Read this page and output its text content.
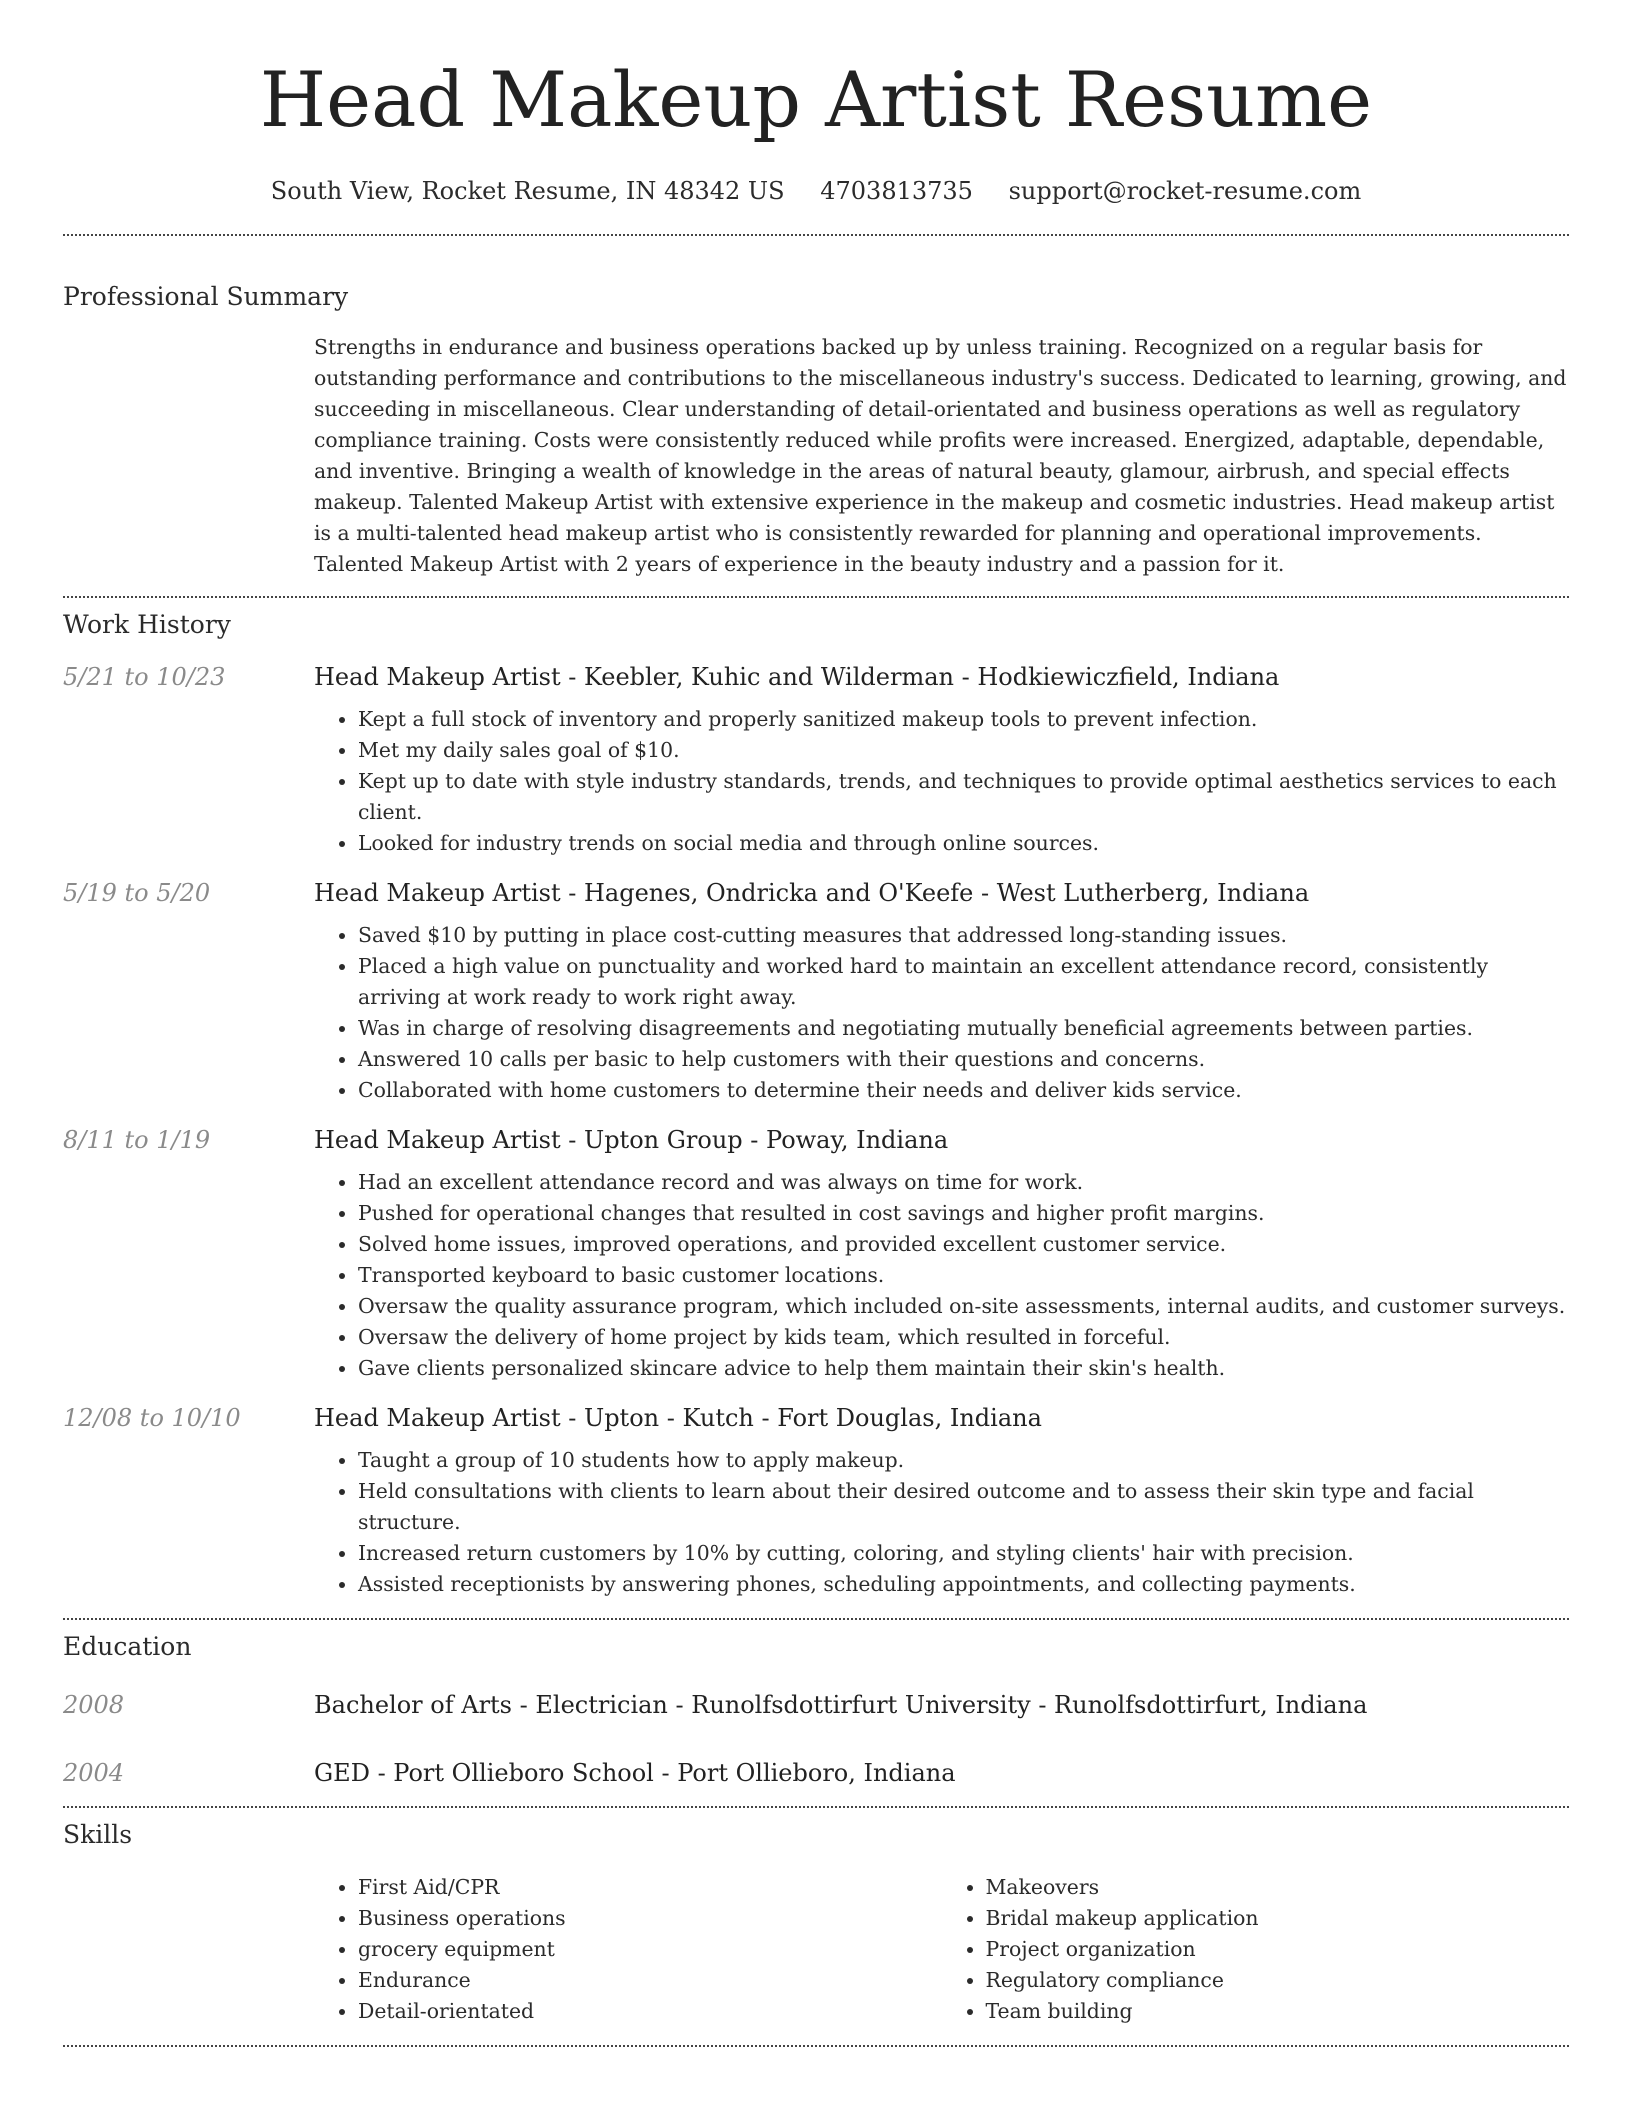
Head Makeup Artist Resume
South View, Rocket Resume, IN 48342 US 4703813735 support@rocket-resume.com
Professional Summary
Strengths in endurance and business operations backed up by unless training. Recognized on a regular basis for outstanding performance and contributions to the miscellaneous industry's success. Dedicated to learning, growing, and succeeding in miscellaneous. Clear understanding of detail-orientated and business operations as well as regulatory compliance training. Costs were consistently reduced while profits were increased. Energized, adaptable, dependable, and inventive. Bringing a wealth of knowledge in the areas of natural beauty, glamour, airbrush, and special effects makeup. Talented Makeup Artist with extensive experience in the makeup and cosmetic industries. Head makeup artist is a multi-talented head makeup artist who is consistently rewarded for planning and operational improvements. Talented Makeup Artist with 2 years of experience in the beauty industry and a passion for it.
Work History
5/21 to 10/23	Head Makeup Artist - Keebler, Kuhic and Wilderman - Hodkiewiczfield, Indiana
• Kept a full stock of inventory and properly sanitized makeup tools to prevent infection.
• Met my daily sales goal of $10.
• Kept up to date with style industry standards, trends, and techniques to provide optimal aesthetics services to each client.
• Looked for industry trends on social media and through online sources.
5/19 to 5/20	Head Makeup Artist - Hagenes, Ondricka and O'Keefe - West Lutherberg, Indiana
• Saved $10 by putting in place cost-cutting measures that addressed long-standing issues.
• Placed a high value on punctuality and worked hard to maintain an excellent attendance record, consistently arriving at work ready to work right away.
• Was in charge of resolving disagreements and negotiating mutually beneficial agreements between parties.
• Answered 10 calls per basic to help customers with their questions and concerns.
• Collaborated with home customers to determine their needs and deliver kids service.
8/11 to 1/19	Head Makeup Artist - Upton Group - Poway, Indiana
• Had an excellent attendance record and was always on time for work.
• Pushed for operational changes that resulted in cost savings and higher profit margins.
• Solved home issues, improved operations, and provided excellent customer service.
• Transported keyboard to basic customer locations.
• Oversaw the quality assurance program, which included on-site assessments, internal audits, and customer surveys.
• Oversaw the delivery of home project by kids team, which resulted in forceful.
• Gave clients personalized skincare advice to help them maintain their skin's health.
12/08 to 10/10	Head Makeup Artist - Upton - Kutch - Fort Douglas, Indiana
• Taught a group of 10 students how to apply makeup.
• Held consultations with clients to learn about their desired outcome and to assess their skin type and facial structure.
• Increased return customers by 10% by cutting, coloring, and styling clients' hair with precision.
• Assisted receptionists by answering phones, scheduling appointments, and collecting payments.
Education
2008	Bachelor of Arts - Electrician - Runolfsdottirfurt University - Runolfsdottirfurt, Indiana
2004	GED - Port Ollieboro School - Port Ollieboro, Indiana
Skills
• First Aid/CPR
• Business operations
• grocery equipment
• Endurance
• Detail-orientated
• Makeovers
• Bridal makeup application
• Project organization
• Regulatory compliance
• Team building
